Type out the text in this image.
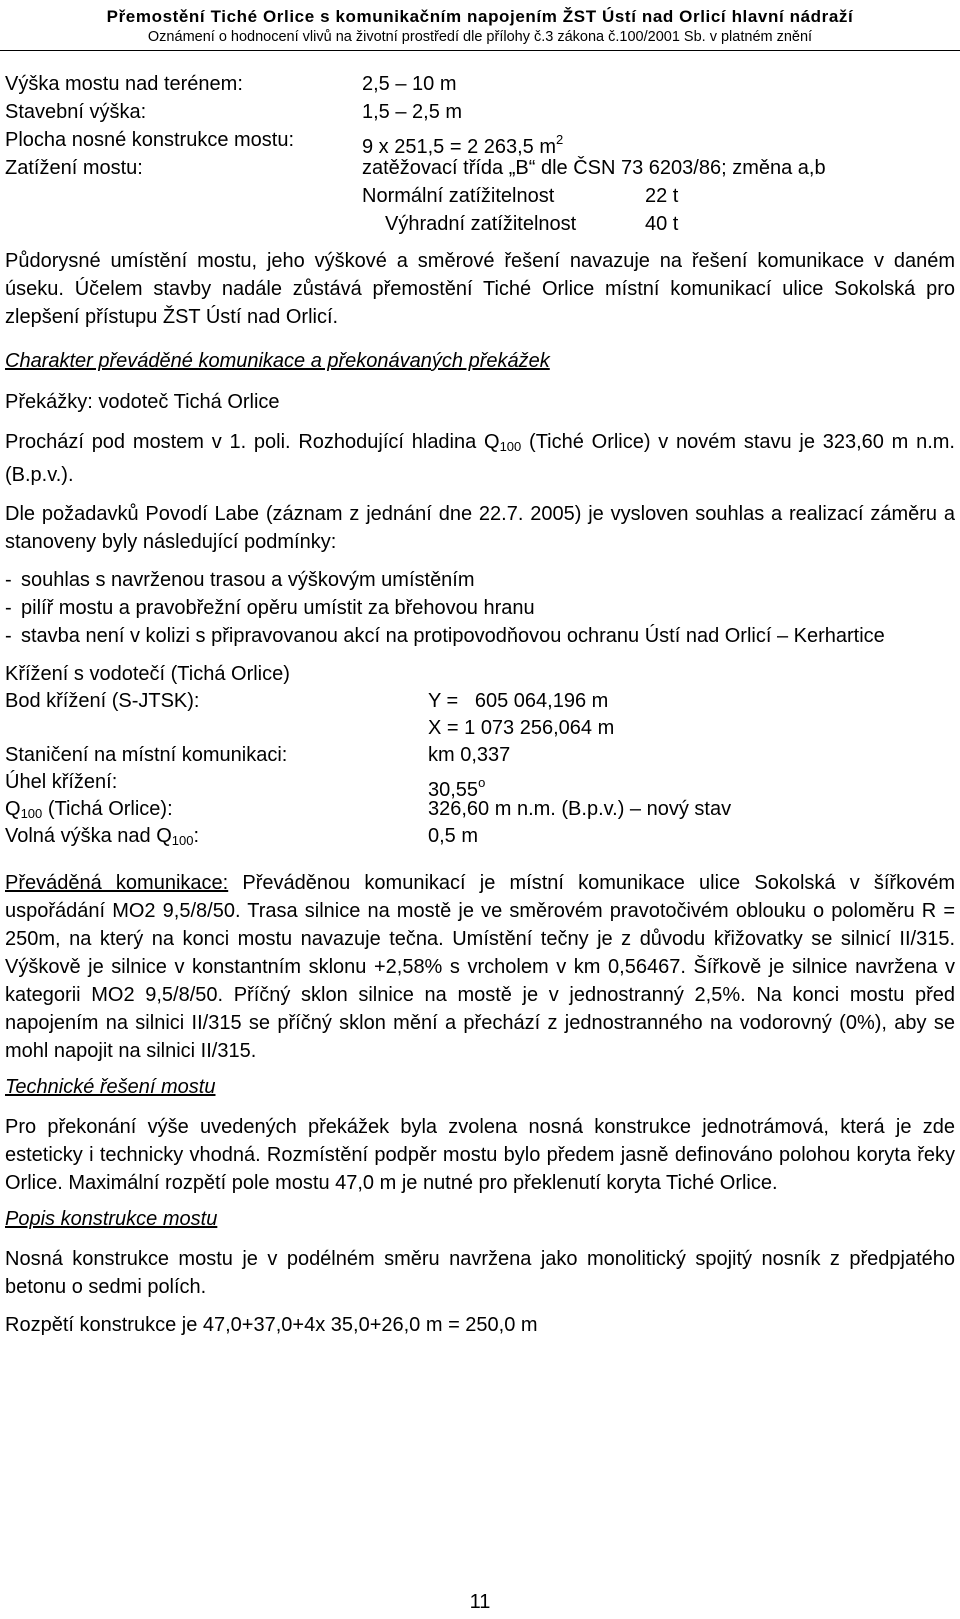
Přemostění Tiché Orlice s komunikačním napojením ŽST Ústí nad Orlicí hlavní nádraží
Oznámení o hodnocení vlivů na životní prostředí dle přílohy č.3 zákona č.100/2001 Sb. v platném znění
Výška mostu nad terénem:	2,5 – 10 m
Stavební výška:	1,5 – 2,5 m
Plocha nosné konstrukce mostu:	9 x 251,5 = 2 263,5 $m^2$
Zatížení mostu:	zatěžovací třída „B“ dle ČSN 73 6203/86; změna a,b
Normální zatížitelnost	22 t
Výhradní zatížitelnost	40 t

Půdorysné umístění mostu, jeho výškové a směrové řešení navazuje na řešení komunikace v daném úseku. Účelem stavby nadále zůstává přemostění Tiché Orlice místní komunikací ulice Sokolská pro zlepšení přístupu ŽST Ústí nad Orlicí.

Charakter převáděné komunikace a překonávaných překážek

Překážky: vodoteč Tichá Orlice

Prochází pod mostem v 1. poli. Rozhodující hladina $Q_{100}$ (Tiché Orlice) v novém stavu je 323,60 m n.m. (B.p.v.).

Dle požadavků Povodí Labe (záznam z jednání dne 22.7. 2005) je vysloven souhlas a realizací záměru a stanoveny byly následující podmínky:

- souhlas s navrženou trasou a výškovým umístěním
- pilíř mostu a pravobřežní opěru umístit za břehovou hranu
- stavba není v kolizi s připravovanou akcí na protipovodňovou ochranu Ústí nad Orlicí – Kerhartice
Křížení s vodotečí (Tichá Orlice)
Bod křížení (S-JTSK):	Y =   605 064,196 m
X = 1 073 256,064 m
Staničení na místní komunikaci:	km 0,337
Úhel křížení:	30,55$^o$
$Q_{100}$ (Tichá Orlice):	326,60 m n.m. (B.p.v.) – nový stav
Volná výška nad $Q_{100}$:	0,5 m

Převáděná komunikace: Převáděnou komunikací je místní komunikace ulice Sokolská v šířkovém uspořádání MO2 9,5/8/50. Trasa silnice na mostě je ve směrovém pravotočivém oblouku o poloměru R = 250m, na který na konci mostu navazuje tečna. Umístění tečny je z důvodu křižovatky se silnicí II/315. Výškově je silnice v konstantním sklonu +2,58% s vrcholem v km 0,56467. Šířkově je silnice navržena v kategorii MO2 9,5/8/50. Příčný sklon silnice na mostě je v jednostranný 2,5%. Na konci mostu před napojením na silnici II/315 se příčný sklon mění a přechází z jednostranného na vodorovný (0%), aby se mohl napojit na silnici II/315.

Technické řešení mostu

Pro překonání výše uvedených překážek byla zvolena nosná konstrukce jednotrámová, která je zde esteticky i technicky vhodná. Rozmístění podpěr mostu bylo předem jasně definováno polohou koryta řeky Orlice. Maximální rozpětí pole mostu 47,0 m je nutné pro překlenutí koryta Tiché Orlice.

Popis konstrukce mostu

Nosná konstrukce mostu je v podélném směru navržena jako monolitický spojitý nosník z předpjatého betonu o sedmi polích.

Rozpětí konstrukce je 47,0+37,0+4x 35,0+26,0 m = 250,0 m

11
